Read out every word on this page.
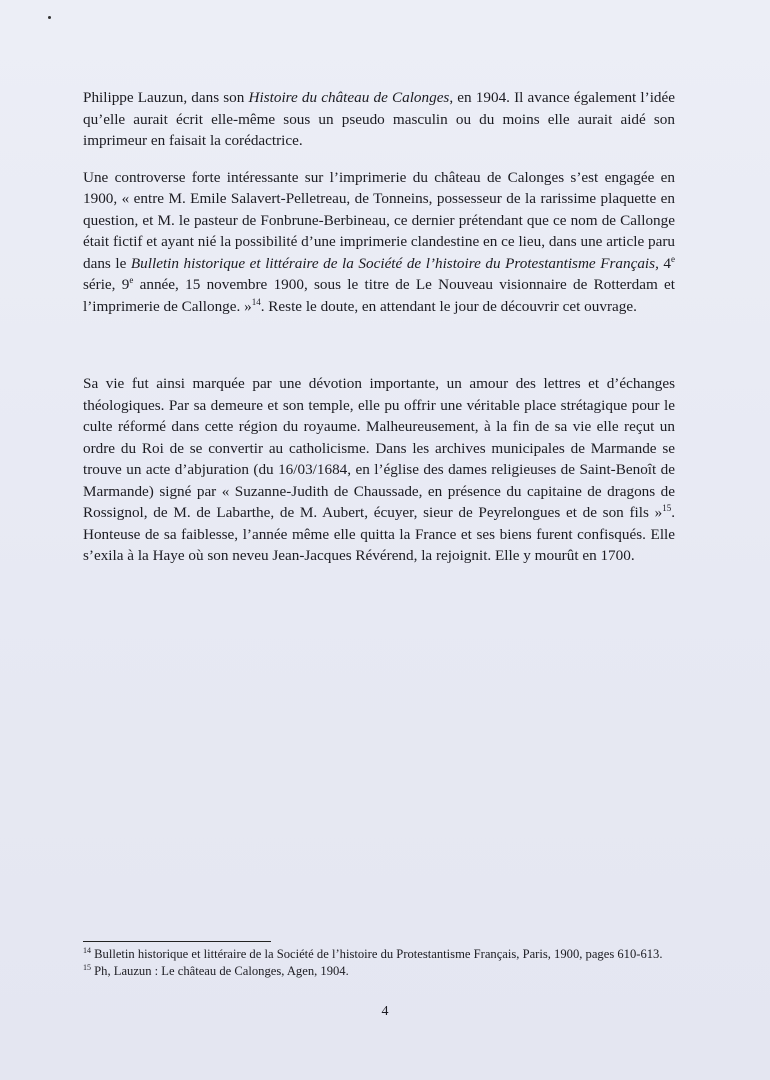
Philippe Lauzun, dans son Histoire du château de Calonges, en 1904. Il avance également l’idée qu’elle aurait écrit elle-même sous un pseudo masculin ou du moins elle aurait aidé son imprimeur en faisait la corédactrice.

Une controverse forte intéressante sur l’imprimerie du château de Calonges s’est engagée en 1900, « entre M. Emile Salavert-Pelletreau, de Tonneins, possesseur de la rarissime plaquette en question, et M. le pasteur de Fonbrune-Berbineau, ce dernier prétendant que ce nom de Callonge était fictif et ayant nié la possibilité d’une imprimerie clandestine en ce lieu, dans une article paru dans le Bulletin historique et littéraire de la Société de l’histoire du Protestantisme Français, 4e série, 9e année, 15 novembre 1900, sous le titre de Le Nouveau visionnaire de Rotterdam et l’imprimerie de Callonge. »$^{14}$. Reste le doute, en attendant le jour de découvrir cet ouvrage.

Sa vie fut ainsi marquée par une dévotion importante, un amour des lettres et d’échanges théologiques. Par sa demeure et son temple, elle pu offrir une véritable place strétagique pour le culte réformé dans cette région du royaume. Malheureusement, à la fin de sa vie elle reçut un ordre du Roi de se convertir au catholicisme. Dans les archives municipales de Marmande se trouve un acte d’abjuration (du 16/03/1684, en l’église des dames religieuses de Saint-Benoît de Marmande) signé par « Suzanne-Judith de Chaussade, en présence du capitaine de dragons de Rossignol, de M. de Labarthe, de M. Aubert, écuyer, sieur de Peyrelongues et de son fils »$^{15}$. Honteuse de sa faiblesse, l’année même elle quitta la France et ses biens furent confisqués. Elle s’exila à la Haye où son neveu Jean-Jacques Révérend, la rejoignit. Elle y mourût en 1700.

$^{14}$ Bulletin historique et littéraire de la Société de l’histoire du Protestantisme Français, Paris, 1900, pages 610-613.
$^{15}$ Ph, Lauzun : Le château de Calonges, Agen, 1904.
4
